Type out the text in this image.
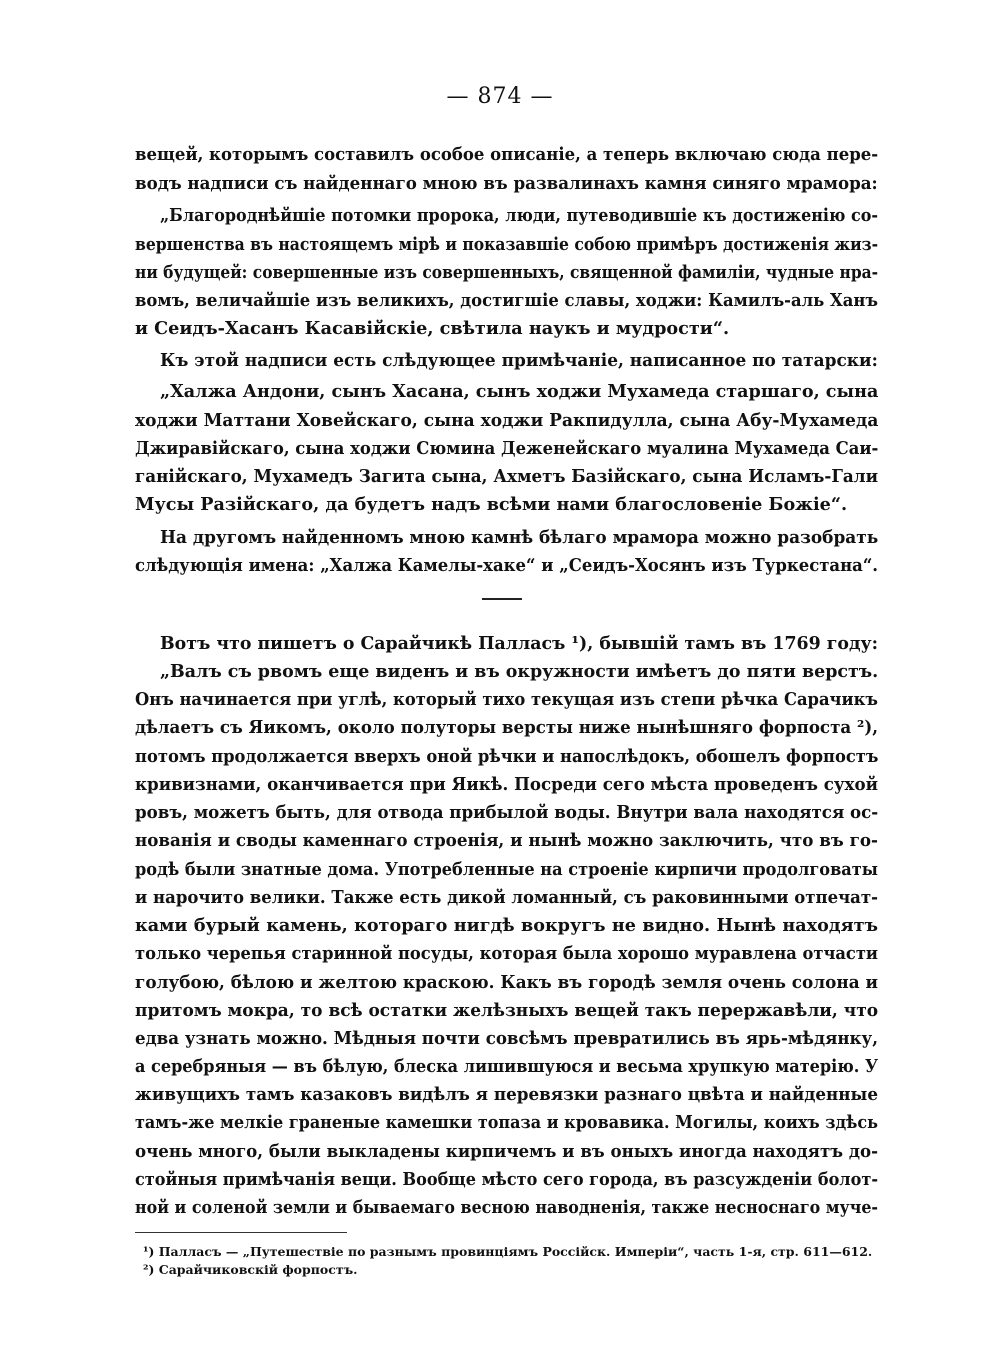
— 874 —
вещей, которымъ составилъ особое описаніе, а теперь включаю сюда пере-
водъ надписи съ найденнаго мною въ развалинахъ камня синяго мрамора:
„Благороднѣйшіе потомки пророка, люди, путеводившіе къ достиженію со-
вершенства въ настоящемъ мірѣ и показавшіе собою примѣръ достиженія жиз-
ни будущей: совершенные изъ совершенныхъ, священной фамиліи, чудные нра-
вомъ, величайшіе изъ великихъ, достигшіе славы, ходжи: Камилъ-аль Ханъ
и Сеидъ-Хасанъ Касавійскіе, свѣтила наукъ и мудрости“.
Къ этой надписи есть слѣдующее примѣчаніе, написанное по татарски:
„Халжа Андони, сынъ Хасана, сынъ ходжи Мухамеда старшаго, сына
ходжи Маттани Ховейскаго, сына ходжи Ракпидулла, сына Абу-Мухамеда
Джиравійскаго, сына ходжи Сюмина Деженейскаго муалина Мухамеда Саи-
ганійскаго, Мухамедъ Загита сына, Ахметъ Базійскаго, сына Исламъ-Гали
Мусы Разійскаго, да будетъ надъ всѣми нами благословеніе Божіе“.
На другомъ найденномъ мною камнѣ бѣлаго мрамора можно разобрать
слѣдующія имена: „Халжа Камелы-хаке“ и „Сеидъ-Хосянъ изъ Туркестана“.
Вотъ что пишетъ о Сарайчикѣ Палласъ ¹), бывшій тамъ въ 1769 году:
„Валъ съ рвомъ еще виденъ и въ окружности имѣетъ до пяти верстъ.
Онъ начинается при углѣ, который тихо текущая изъ степи рѣчка Сарачикъ
дѣлаетъ съ Яикомъ, около полуторы версты ниже нынѣшняго форпоста ²),
потомъ продолжается вверхъ оной рѣчки и напослѣдокъ, обошелъ форпостъ
кривизнами, оканчивается при Яикѣ. Посреди сего мѣста проведенъ сухой
ровъ, можетъ быть, для отвода прибылой воды. Внутри вала находятся ос-
нованія и своды каменнаго строенія, и нынѣ можно заключить, что въ го-
родѣ были знатные дома. Употребленные на строеніе кирпичи продолговаты
и нарочито велики. Также есть дикой ломанный, съ раковинными отпечат-
ками бурый камень, котораго нигдѣ вокругъ не видно. Нынѣ находятъ
только черепья старинной посуды, которая была хорошо муравлена отчасти
голубою, бѣлою и желтою краскою. Какъ въ городѣ земля очень солона и
притомъ мокра, то всѣ остатки желѣзныхъ вещей такъ перержавѣли, что
едва узнать можно. Мѣдныя почти совсѣмъ превратились въ ярь-мѣдянку,
а серебряныя — въ бѣлую, блеска лишившуюся и весьма хрупкую матерію. У
живущихъ тамъ казаковъ видѣлъ я перевязки разнаго цвѣта и найденные
тамъ-же мелкіе граненые камешки топаза и кровавика. Могилы, коихъ здѣсь
очень много, были выкладены кирпичемъ и въ оныхъ иногда находятъ до-
стойныя примѣчанія вещи. Вообще мѣсто сего города, въ разсужденіи болот-
ной и соленой земли и бываемаго весною наводненія, также несноснаго муче-
¹) Палласъ — „Путешествіе по разнымъ провинціямъ Россійск. Имперіи“, часть 1-я, стр. 611—612.
²) Сарайчиковскій форпостъ.
